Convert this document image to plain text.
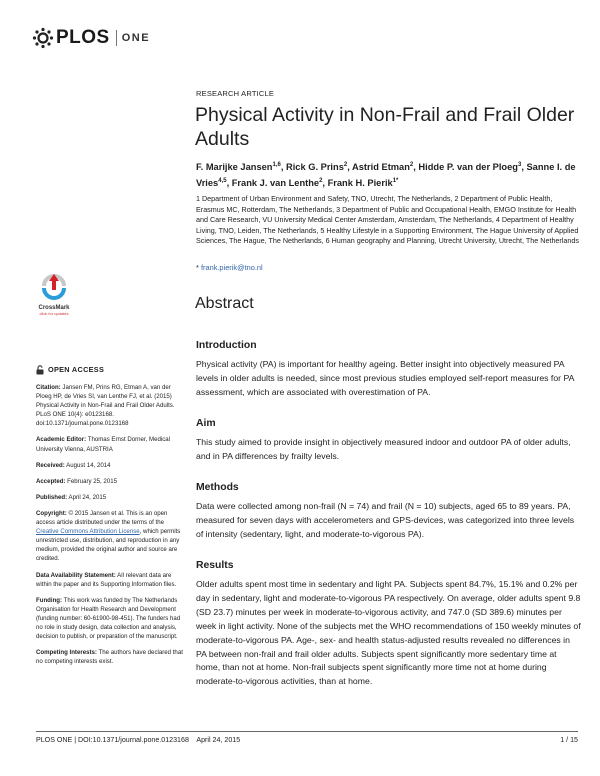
PLOS ONE
RESEARCH ARTICLE
Physical Activity in Non-Frail and Frail Older Adults
F. Marijke Jansen$^{1,6}$, Rick G. Prins$^2$, Astrid Etman$^2$, Hidde P. van der Ploeg$^3$, Sanne I. de Vries$^{4,5}$, Frank J. van Lenthe$^2$, Frank H. Pierik$^{1*}$
1 Department of Urban Environment and Safety, TNO, Utrecht, The Netherlands, 2 Department of Public Health, Erasmus MC, Rotterdam, The Netherlands, 3 Department of Public and Occupational Health, EMGO Institute for Health and Care Research, VU University Medical Center Amsterdam, Amsterdam, The Netherlands, 4 Department of Healthy Living, TNO, Leiden, The Netherlands, 5 Healthy Lifestyle in a Supporting Environment, The Hague University of Applied Sciences, The Hague, The Netherlands, 6 Human geography and Planning, Utrecht University, Utrecht, The Netherlands
* frank.pierik@tno.nl
Abstract
Introduction

Physical activity (PA) is important for healthy ageing. Better insight into objectively measured PA levels in older adults is needed, since most previous studies employed self-report measures for PA assessment, which are associated with overestimation of PA.

Aim

This study aimed to provide insight in objectively measured indoor and outdoor PA of older adults, and in PA differences by frailty levels.

Methods

Data were collected among non-frail (N = 74) and frail (N = 10) subjects, aged 65 to 89 years. PA, measured for seven days with accelerometers and GPS-devices, was categorized into three levels of intensity (sedentary, light, and moderate-to-vigorous PA).

Results

Older adults spent most time in sedentary and light PA. Subjects spent 84.7%, 15.1% and 0.2% per day in sedentary, light and moderate-to-vigorous PA respectively. On average, older adults spent 9.8 (SD 23.7) minutes per week in moderate-to-vigorous activity, and 747.0 (SD 389.6) minutes per week in light activity. None of the subjects met the WHO recommendations of 150 weekly minutes of moderate-to-vigorous PA. Age-, sex- and health status-adjusted results revealed no differences in PA between non-frail and frail older adults. Subjects spent significantly more sedentary time at home, than not at home. Non-frail subjects spent significantly more time not at home during moderate-to-vigorous activities, than at home.

CrossMark
click for updates
OPEN ACCESS
Citation: Jansen FM, Prins RG, Etman A, van der Ploeg HP, de Vries SI, van Lenthe FJ, et al. (2015) Physical Activity in Non-Frail and Frail Older Adults. PLoS ONE 10(4): e0123168. doi:10.1371/journal.pone.0123168
Academic Editor: Thomas Ernst Dorner, Medical University Vienna, AUSTRIA
Received: August 14, 2014
Accepted: February 25, 2015
Published: April 24, 2015
Copyright: © 2015 Jansen et al. This is an open access article distributed under the terms of the Creative Commons Attribution License, which permits unrestricted use, distribution, and reproduction in any medium, provided the original author and source are credited.
Data Availability Statement: All relevant data are within the paper and its Supporting Information files.
Funding: This work was funded by The Netherlands Organisation for Health Research and Development (funding number: 60-61900-98-451). The funders had no role in study design, data collection and analysis, decision to publish, or preparation of the manuscript.
Competing Interests: The authors have declared that no competing interests exist.
PLOS ONE | DOI:10.1371/journal.pone.0123168    April 24, 2015	1 / 15
